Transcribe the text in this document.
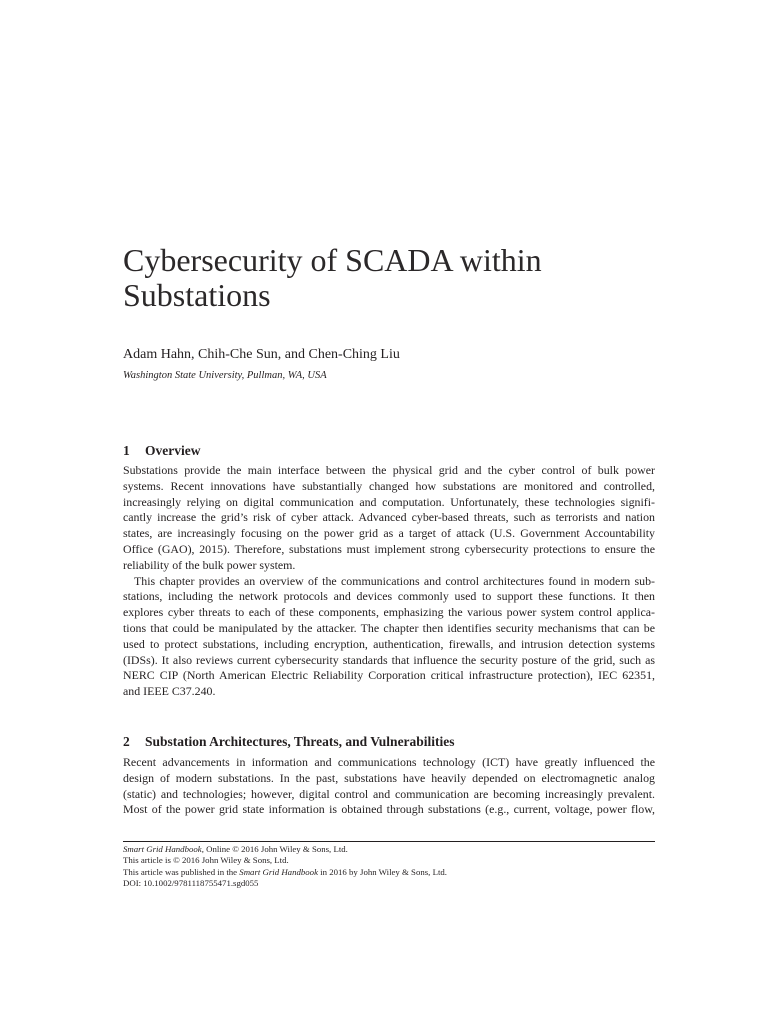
Cybersecurity of SCADA within
Substations
Adam Hahn, Chih-Che Sun, and Chen-Ching Liu
Washington State University, Pullman, WA, USA
1 Overview
Substations provide the main interface between the physical grid and the cyber control of bulk power
systems. Recent innovations have substantially changed how substations are monitored and controlled,
increasingly relying on digital communication and computation. Unfortunately, these technologies signifi-
cantly increase the grid’s risk of cyber attack. Advanced cyber-based threats, such as terrorists and nation
states, are increasingly focusing on the power grid as a target of attack (U.S. Government Accountability
Office (GAO), 2015). Therefore, substations must implement strong cybersecurity protections to ensure the
reliability of the bulk power system.
This chapter provides an overview of the communications and control architectures found in modern sub-
stations, including the network protocols and devices commonly used to support these functions. It then
explores cyber threats to each of these components, emphasizing the various power system control applica-
tions that could be manipulated by the attacker. The chapter then identifies security mechanisms that can be
used to protect substations, including encryption, authentication, firewalls, and intrusion detection systems
(IDSs). It also reviews current cybersecurity standards that influence the security posture of the grid, such as
NERC CIP (North American Electric Reliability Corporation critical infrastructure protection), IEC 62351,
and IEEE C37.240.
2 Substation Architectures, Threats, and Vulnerabilities
Recent advancements in information and communications technology (ICT) have greatly influenced the
design of modern substations. In the past, substations have heavily depended on electromagnetic analog
(static) and technologies; however, digital control and communication are becoming increasingly prevalent.
Most of the power grid state information is obtained through substations (e.g., current, voltage, power flow,
Smart Grid Handbook, Online © 2016 John Wiley & Sons, Ltd.
This article is © 2016 John Wiley & Sons, Ltd.
This article was published in the Smart Grid Handbook in 2016 by John Wiley & Sons, Ltd.
DOI: 10.1002/9781118755471.sgd055
